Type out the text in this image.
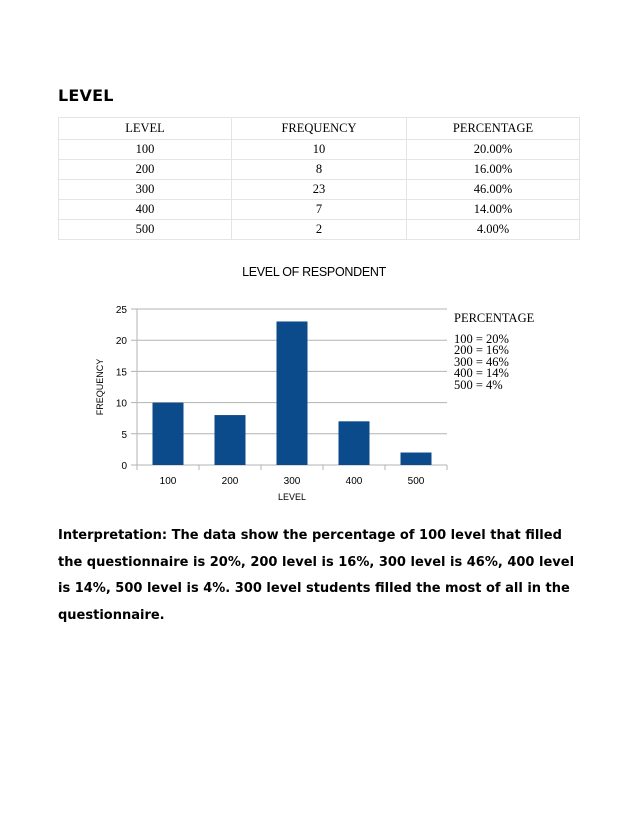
LEVEL
LEVEL	FREQUENCY	PERCENTAGE
100	10	20.00%
200	8	16.00%
300	23	46.00%
400	7	14.00%
500	2	4.00%
LEVEL OF RESPONDENT
0
5
10
15
20
25
100	200	300	400	500
LEVEL
FREQUENCY
PERCENTAGE
100 = 20%
200 = 16%
300 = 46%
400 = 14%
500 = 4%
Interpretation: The data show the percentage of 100 level that filled the questionnaire is 20%, 200 level is 16%, 300 level is 46%, 400 level is 14%, 500 level is 4%. 300 level students filled the most of all in the questionnaire.
